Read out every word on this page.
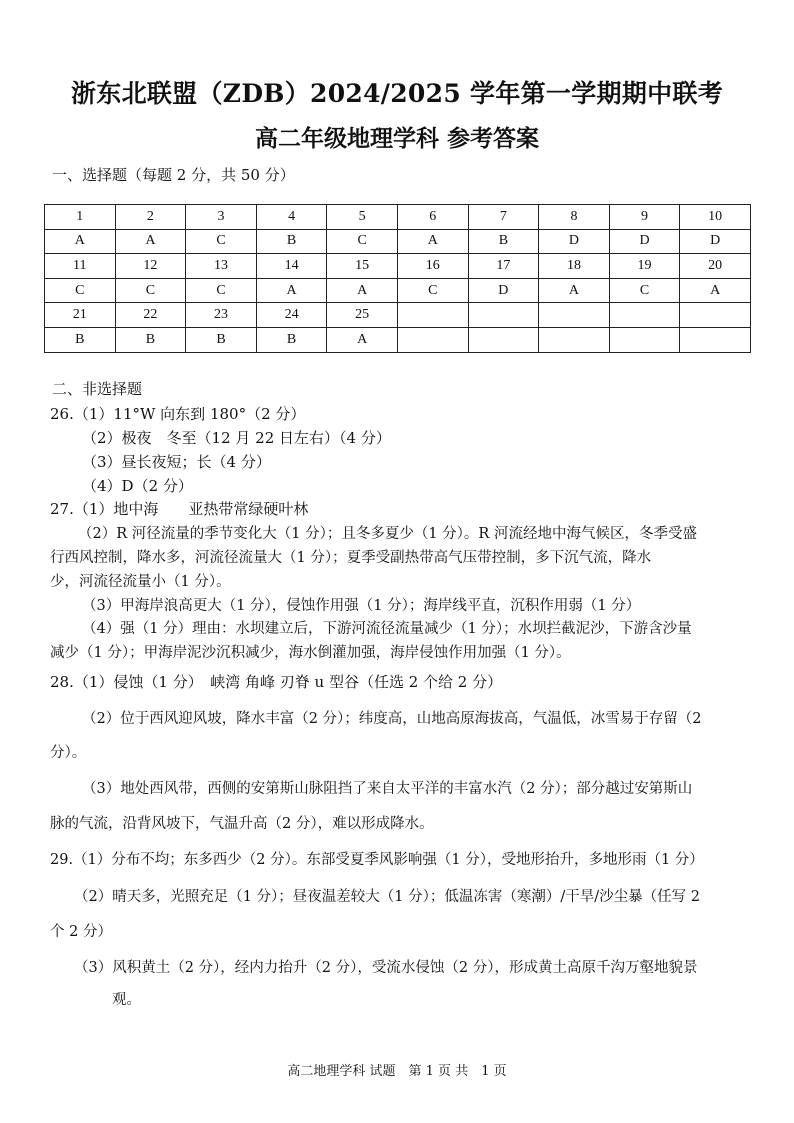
浙东北联盟（ZDB）2024/2025 学年第一学期期中联考
高二年级地理学科 参考答案

一、选择题（每题 2 分，共 50 分）

1	2	3	4	5	6	7	8	9	10
A	A	C	B	C	A	B	D	D	D
11	12	13	14	15	16	17	18	19	20
C	C	C	A	A	C	D	A	C	A
21	22	23	24	25					
B	B	B	B	A					

二、非选择题

26.（1）11°W 向东到 180°（2 分）

（2）极夜　冬至（12 月 22 日左右）（4 分）

（3）昼长夜短；长（4 分）

（4）D（2 分）

27.（1）地中海　　亚热带常绿硬叶林

（2）R 河径流量的季节变化大（1 分）；且冬多夏少（1 分）。R 河流经地中海气候区，冬季受盛

行西风控制，降水多，河流径流量大（1 分）；夏季受副热带高气压带控制，多下沉气流，降水

少，河流径流量小（1 分）。

（3）甲海岸浪高更大（1 分），侵蚀作用强（1 分）；海岸线平直，沉积作用弱（1 分）

（4）强（1 分）理由：水坝建立后，下游河流径流量减少（1 分）；水坝拦截泥沙，下游含沙量

减少（1 分）；甲海岸泥沙沉积减少，海水倒灌加强，海岸侵蚀作用加强（1 分）。

28.（1）侵蚀（1 分）　峡湾 角峰 刃脊 u 型谷（任选 2 个给 2 分）

（2）位于西风迎风坡，降水丰富（2 分）；纬度高，山地高原海拔高，气温低，冰雪易于存留（2

分）。

（3）地处西风带，西侧的安第斯山脉阻挡了来自太平洋的丰富水汽（2 分）；部分越过安第斯山

脉的气流，沿背风坡下，气温升高（2 分），难以形成降水。

29.（1）分布不均；东多西少（2 分）。东部受夏季风影响强（1 分），受地形抬升，多地形雨（1 分）

（2）晴天多，光照充足（1 分）；昼夜温差较大（1 分）；低温冻害（寒潮）/干旱/沙尘暴（任写 2

个 2 分）

（3）风积黄土（2 分），经内力抬升（2 分），受流水侵蚀（2 分），形成黄土高原千沟万壑地貌景

观。

高二地理学科 试题　第 1 页 共　1 页
